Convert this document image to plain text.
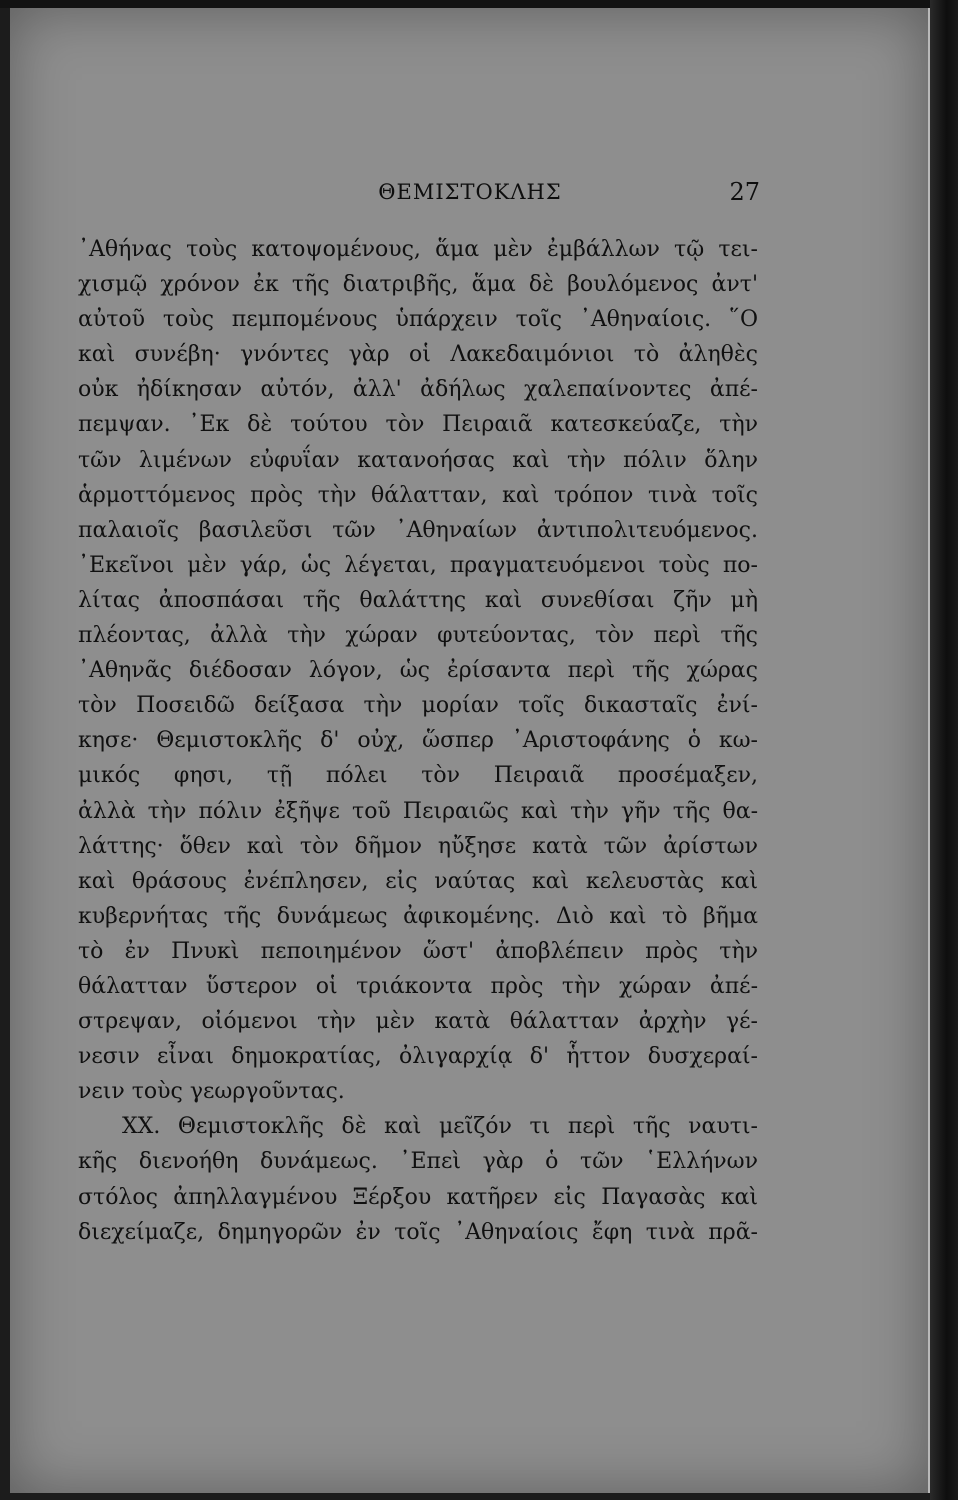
ΘΕΜΙΣΤΟΚΛΗΣ	27
᾿Αθήνας τοὺς κατοψομένους, ἅμα μὲν ἐμβάλλων τῷ τει-
χισμῷ χρόνον ἐκ τῆς διατριβῆς, ἅμα δὲ βουλόμενος ἀντ'
αὐτοῦ τοὺς πεμπομένους ὑπάρχειν τοῖς ᾿Αθηναίοις. ῞Ο
καὶ συνέβη· γνόντες γὰρ οἱ Λακεδαιμόνιοι τὸ ἀληθὲς
οὐκ ἠδίκησαν αὐτόν, ἀλλ' ἀδήλως χαλεπαίνοντες ἀπέ-
πεμψαν. ᾿Εκ δὲ τούτου τὸν Πειραιᾶ κατεσκεύαζε, τὴν
τῶν λιμένων εὐφυΐαν κατανοήσας καὶ τὴν πόλιν ὅλην
ἁρμοττόμενος πρὸς τὴν θάλατταν, καὶ τρόπον τινὰ τοῖς
παλαιοῖς βασιλεῦσι τῶν ᾿Αθηναίων ἀντιπολιτευόμενος.
᾿Εκεῖνοι μὲν γάρ, ὡς λέγεται, πραγματευόμενοι τοὺς πο-
λίτας ἀποσπάσαι τῆς θαλάττης καὶ συνεθίσαι ζῆν μὴ
πλέοντας, ἀλλὰ τὴν χώραν φυτεύοντας, τὸν περὶ τῆς
᾿Αθηνᾶς διέδοσαν λόγον, ὡς ἐρίσαντα περὶ τῆς χώρας
τὸν Ποσειδῶ δείξασα τὴν μορίαν τοῖς δικασταῖς ἐνί-
κησε· Θεμιστοκλῆς δ' οὐχ, ὥσπερ ᾿Αριστοφάνης ὁ κω-
μικός φησι, τῇ πόλει τὸν Πειραιᾶ προσέμαξεν,
ἀλλὰ τὴν πόλιν ἐξῆψε τοῦ Πειραιῶς καὶ τὴν γῆν τῆς θα-
λάττης· ὅθεν καὶ τὸν δῆμον ηὔξησε κατὰ τῶν ἀρίστων
καὶ θράσους ἐνέπλησεν, εἰς ναύτας καὶ κελευστὰς καὶ
κυβερνήτας τῆς δυνάμεως ἀφικομένης. Διὸ καὶ τὸ βῆμα
τὸ ἐν Πνυκὶ πεποιημένον ὥστ' ἀποβλέπειν πρὸς τὴν
θάλατταν ὕστερον οἱ τριάκοντα πρὸς τὴν χώραν ἀπέ-
στρεψαν, οἰόμενοι τὴν μὲν κατὰ θάλατταν ἀρχὴν γέ-
νεσιν εἶναι δημοκρατίας, ὀλιγαρχίᾳ δ' ἧττον δυσχεραί-
νειν τοὺς γεωργοῦντας.
XX. Θεμιστοκλῆς δὲ καὶ μεῖζόν τι περὶ τῆς ναυτι-
κῆς διενοήθη δυνάμεως. ᾿Επεὶ γὰρ ὁ τῶν ῾Ελλήνων
στόλος ἀπηλλαγμένου Ξέρξου κατῆρεν εἰς Παγασὰς καὶ
διεχείμαζε, δημηγορῶν ἐν τοῖς ᾿Αθηναίοις ἔφη τινὰ πρᾶ-
